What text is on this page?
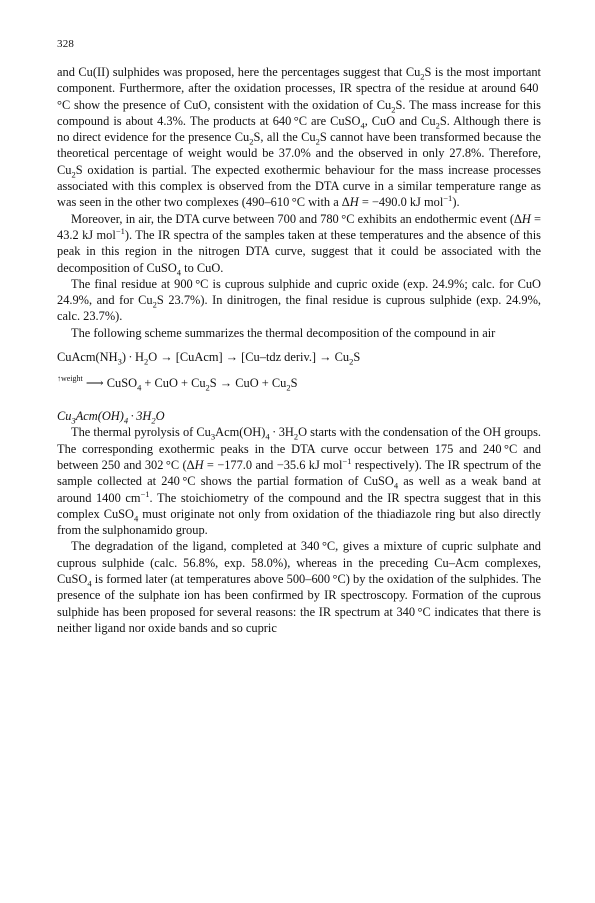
328

and Cu(II) sulphides was proposed, here the percentages suggest that $Cu_2S$ is the most important component. Furthermore, after the oxidation processes, IR spectra of the residue at around 640 °C show the presence of CuO, consistent with the oxidation of $Cu_2S$. The mass increase for this compound is about 4.3%. The products at 640 °C are CuSO$_4$, CuO and $Cu_2S$. Although there is no direct evidence for the presence $Cu_2S$, all the $Cu_2S$ cannot have been transformed because the theoretical percentage of weight would be 37.0% and the observed in only 27.8%. Therefore, $Cu_2S$ oxidation is partial. The expected exothermic behaviour for the mass increase processes associated with this complex is observed from the DTA curve in a similar temperature range as was seen in the other two complexes (490–610 °C with a ΔH = −490.0 kJ mol$^{-1}$).

Moreover, in air, the DTA curve between 700 and 780 °C exhibits an endothermic event (ΔH = 43.2 kJ mol$^{-1}$). The IR spectra of the samples taken at these temperatures and the absence of this peak in this region in the nitrogen DTA curve, suggest that it could be associated with the decomposition of CuSO$_4$ to CuO.

The final residue at 900 °C is cuprous sulphide and cupric oxide (exp. 24.9%; calc. for CuO 24.9%, and for $Cu_2S$ 23.7%). In dinitrogen, the final residue is cuprous sulphide (exp. 24.9%, calc. 23.7%).

The following scheme summarizes the thermal decomposition of the compound in air

$CuAcm(NH_3) \cdot H_2O$ → [CuAcm] → [Cu–tdz deriv.] → $Cu_2S$
$^{↑weight}$ ⟶ CuSO$_4$ + CuO + $Cu_2S$ → CuO + $Cu_2S$

$Cu_3Acm(OH)_4 \cdot 3H_2O$

The thermal pyrolysis of $Cu_3Acm(OH)_4 \cdot 3H_2O$ starts with the condensation of the OH groups. The corresponding exothermic peaks in the DTA curve occur between 175 and 240 °C and between 250 and 302 °C (ΔH = −177.0 and −35.6 kJ mol$^{-1}$ respectively). The IR spectrum of the sample collected at 240 °C shows the partial formation of CuSO$_4$ as well as a weak band at around 1400 $cm^{-1}$. The stoichiometry of the compound and the IR spectra suggest that in this complex CuSO$_4$ must originate not only from oxidation of the thiadiazole ring but also directly from the sulphonamido group.

The degradation of the ligand, completed at 340 °C, gives a mixture of cupric sulphate and cuprous sulphide (calc. 56.8%, exp. 58.0%), whereas in the preceding Cu–Acm complexes, CuSO$_4$ is formed later (at temperatures above 500–600 °C) by the oxidation of the sulphides. The presence of the sulphate ion has been confirmed by IR spectroscopy. Formation of the cuprous sulphide has been proposed for several reasons: the IR spectrum at 340 °C indicates that there is neither ligand nor oxide bands and so cupric
